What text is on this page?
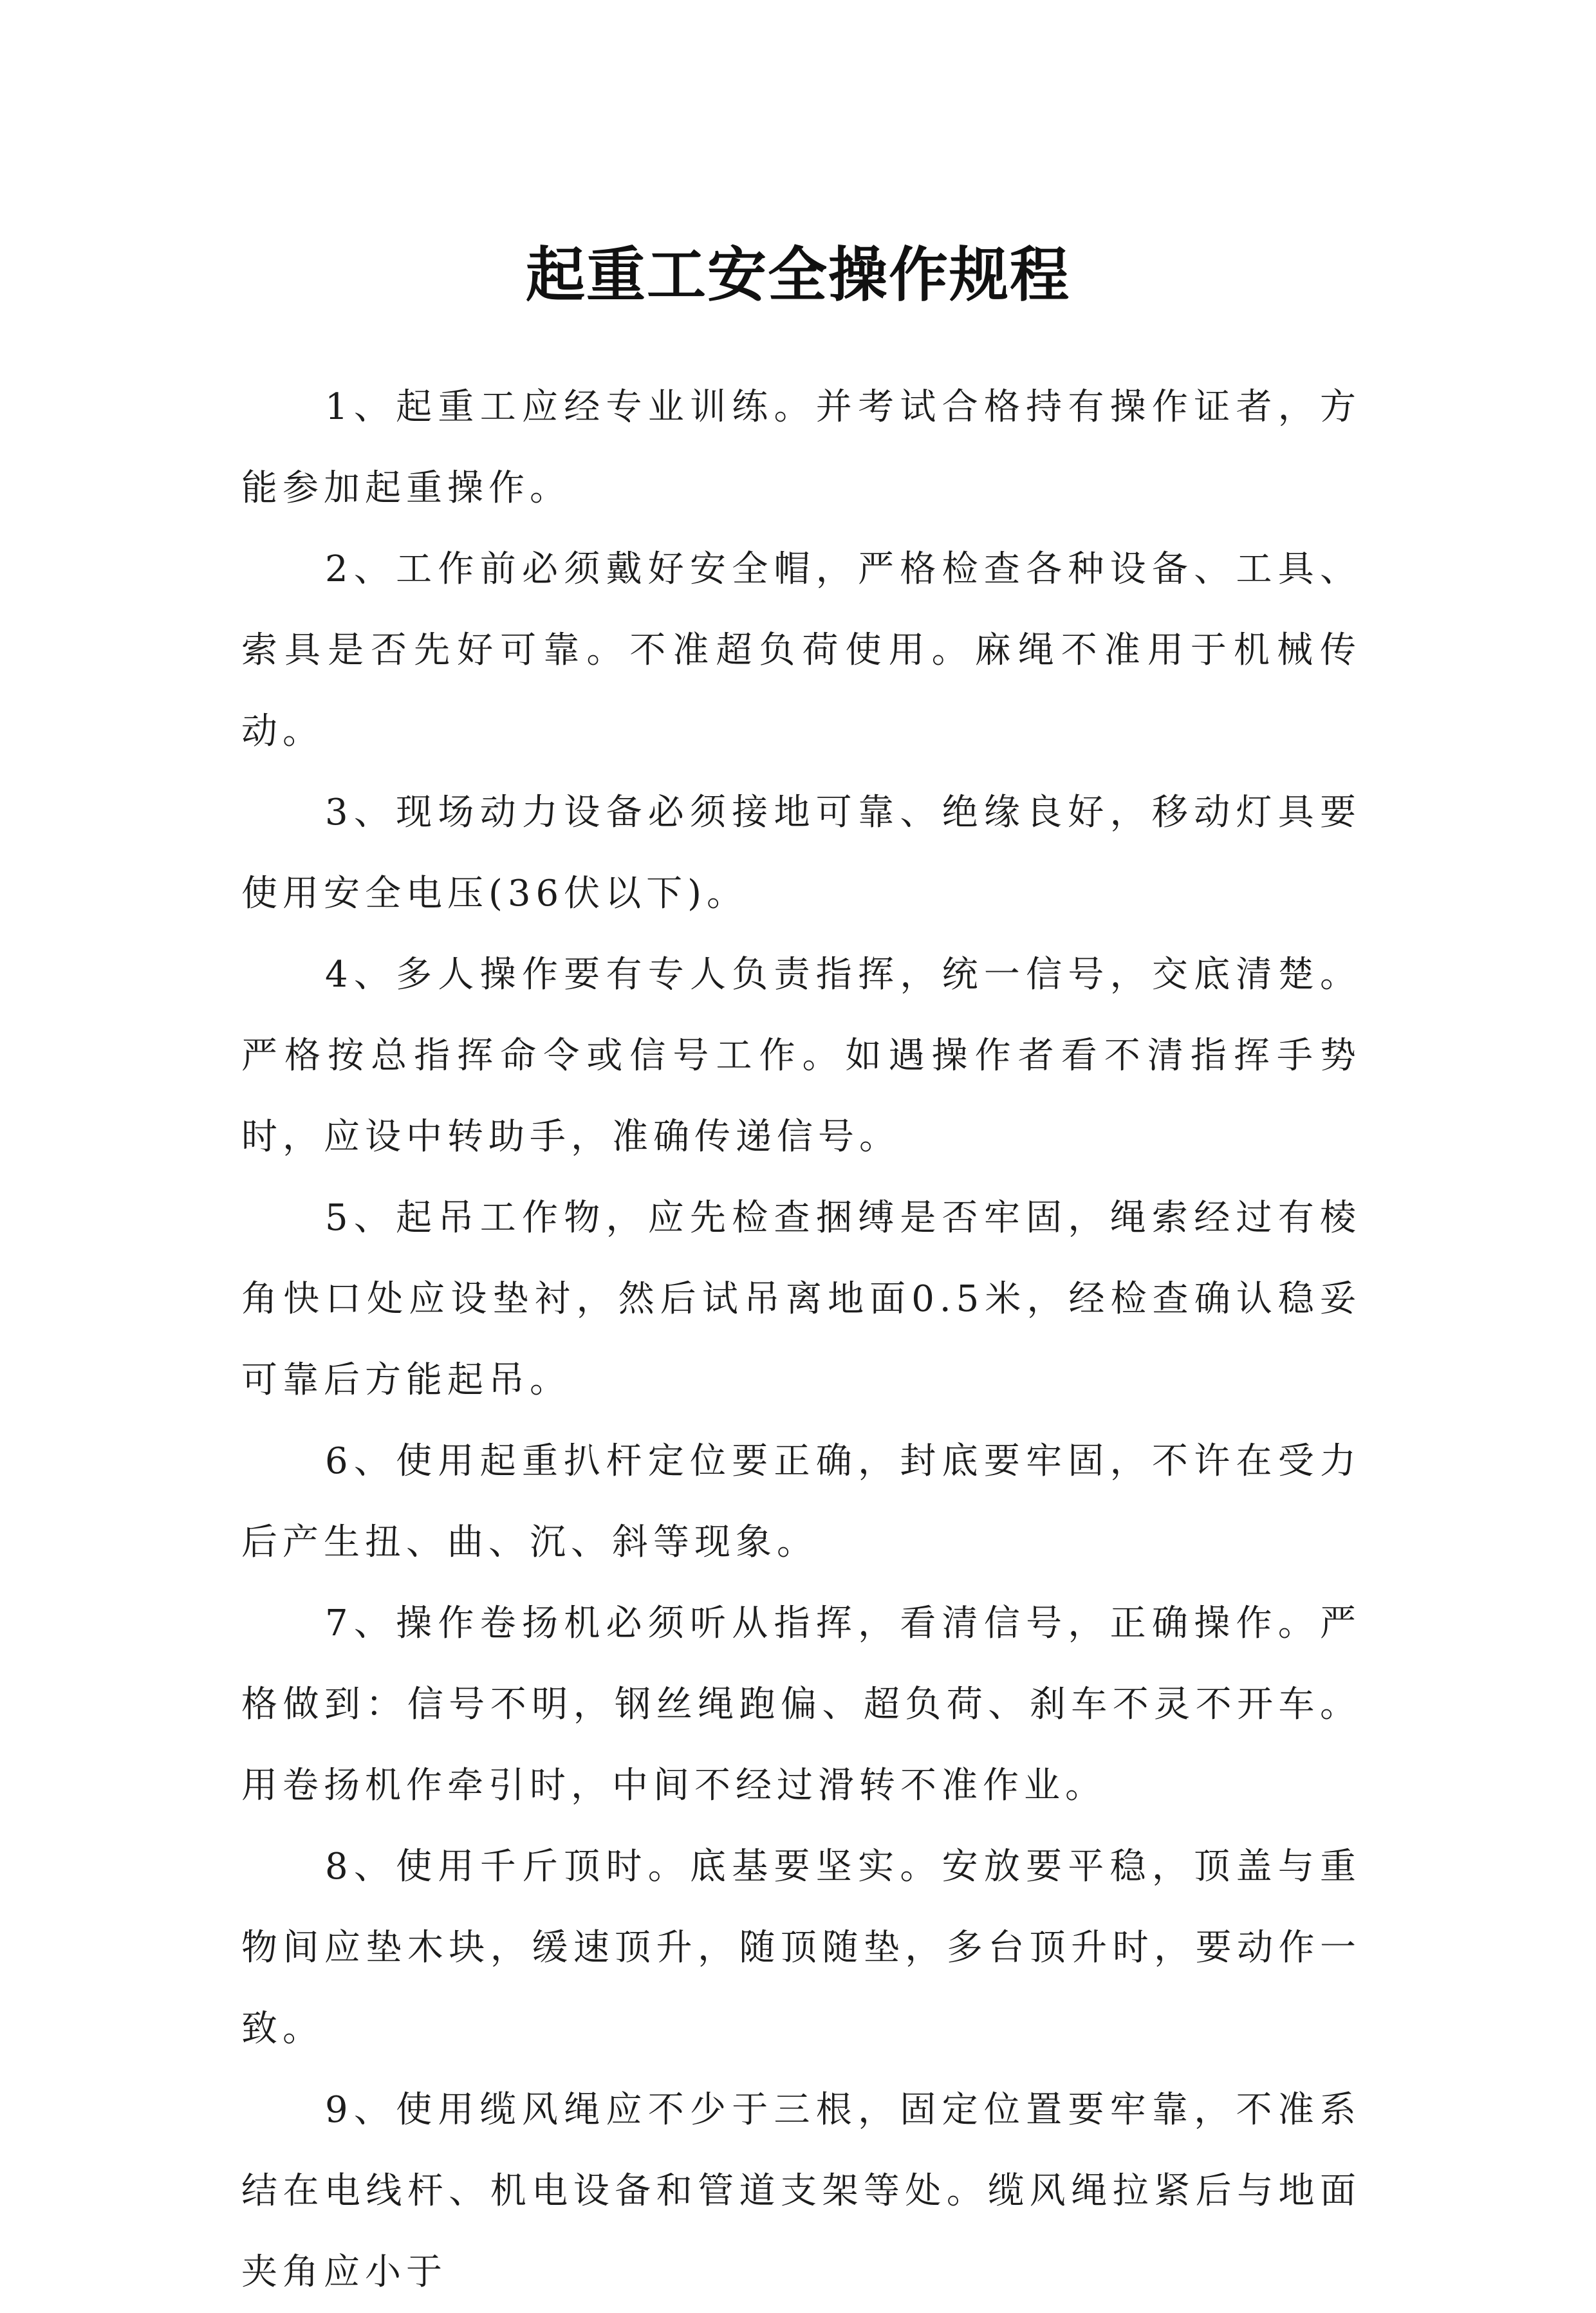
起重工安全操作规程

1、起重工应经专业训练。并考试合格持有操作证者，方能参加起重操作。

2、工作前必须戴好安全帽，严格检查各种设备、工具、索具是否先好可靠。不准超负荷使用。麻绳不准用于机械传动。

3、现场动力设备必须接地可靠、绝缘良好，移动灯具要使用安全电压(36伏以下)。

4、多人操作要有专人负责指挥，统一信号，交底清楚。严格按总指挥命令或信号工作。如遇操作者看不清指挥手势时，应设中转助手，准确传递信号。

5、起吊工作物，应先检查捆缚是否牢固，绳索经过有棱角快口处应设垫衬，然后试吊离地面0.5米，经检查确认稳妥可靠后方能起吊。

6、使用起重扒杆定位要正确，封底要牢固，不许在受力后产生扭、曲、沉、斜等现象。

7、操作卷扬机必须听从指挥，看清信号，正确操作。严格做到：信号不明，钢丝绳跑偏、超负荷、刹车不灵不开车。用卷扬机作牵引时，中间不经过滑转不准作业。

8、使用千斤顶时。底基要坚实。安放要平稳，顶盖与重物间应垫木块，缓速顶升，随顶随垫，多台顶升时，要动作一致。

9、使用缆风绳应不少于三根，固定位置要牢靠，不准系结在电线杆、机电设备和管道支架等处。缆风绳拉紧后与地面夹角应小于
